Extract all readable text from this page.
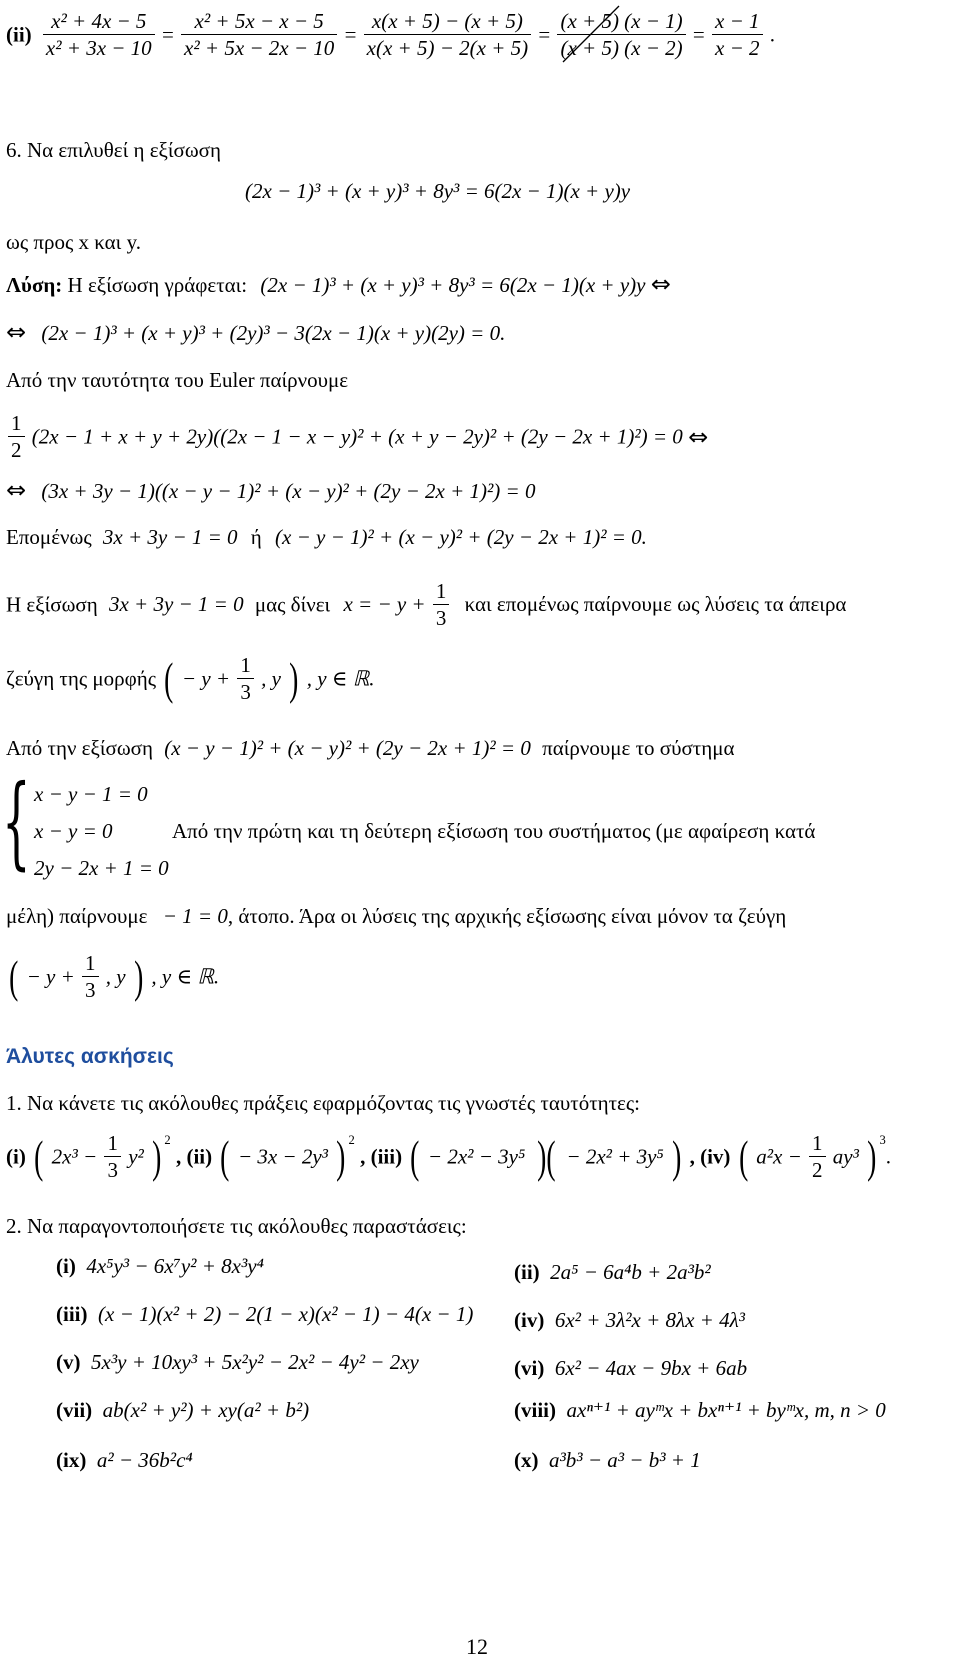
$(ii) \frac{\text{x² + 4x − 5}}{\text{x² + 3x − 10}} = \frac{\text{x² + 5x − x − 5}}{\text{x² + 5x − 2x − 10}} = \frac{x(x + 5) - (x + 5)}{x(x + 5) - 2(x + 5)} = \frac{(x + 5) (x - 1)}{(x + 5) (x - 2)} = \frac{x - 1}{x - 2}$ .
6. Να επιλυθεί η εξίσωση
(2x − 1)³ + (x + y)³ + 8y³ = 6(2x − 1)(x + y)y
ως προς x και y.
Λύση: Η εξίσωση γράφεται: (2x − 1)³ + (x + y)³ + 8y³ = 6(2x − 1)(x + y)y ⇔
⇔ (2x − 1)³ + (x + y)³ + (2y)³ − 3(2x − 1)(x + y)(2y) = 0.
Από την ταυτότητα του Euler παίρνουμε
$\frac{1}{2} (2x - 1 + x + y + 2y)((2x - 1 - x - y)^2 + (x + y - 2y)^2 + (2y - 2x + 1)^2) = 0$ ⇔
⇔ (3x + 3y − 1)((x − y − 1)² + (x − y)² + (2y − 2x + 1)²) = 0
Επομένως 3x + 3y − 1 = 0 ή (x − y − 1)² + (x − y)² + (2y − 2x + 1)² = 0.
Η εξίσωση 3x + 3y − 1 = 0 μας δίνει x = − $y + \frac{1}{3}$ και επομένως παίρνουμε ως λύσεις τα άπειρα
ζεύγη της μορφής ( − $y + \frac{1}{3}$ , y ) , y ∈ ℝ.
Από την εξίσωση (x − y − 1)² + (x − y)² + (2y − 2x + 1)² = 0 παίρνουμε το σύστημα
{ x − y − 1 = 0
x − y = 0
2y − 2x + 1 = 0
Από την πρώτη και τη δεύτερη εξίσωση του συστήματος (με αφαίρεση κατά
μέλη) παίρνουμε − 1 = 0, άτοπο. Άρα οι λύσεις της αρχικής εξίσωσης είναι μόνον τα ζεύγη
( − $y + \frac{1}{3}$ , y ) , y ∈ ℝ.
Άλυτες ασκήσεις
1. Να κάνετε τις ακόλουθες πράξεις εφαρμόζοντας τις γνωστές ταυτότητες:
(i) ( $2x^3 - \frac{1}{3} y^2$ ) $^2$ , (ii) ( − 3x − 2y³ ) $^2$ , (iii) ( − 2x² − 3y⁵ )( − 2x² + 3y⁵ ) , (iv) ( $a^2x - \frac{1}{2} ay^3$ ) $^3$.
2. Να παραγοντοποιήσετε τις ακόλουθες παραστάσεις:
(i) 4x⁵y³ − 6x⁷y² + 8x³y⁴	(ii) 2a⁵ − 6a⁴b + 2a³b²
(iii) (x − 1)(x² + 2) − 2(1 − x)(x² − 1) − 4(x − 1) (iv) 6x² + 3λ²x + 8λx + 4λ³
(v) 5x³y + 10xy³ + 5x²y² − 2x² − 4y² − 2xy	(vi) 6x² − 4ax − 9bx + 6ab
(vii) ab(x² + y²) + xy(a² + b²)	(viii) axⁿ⁺¹ + ayᵐx + bxⁿ⁺¹ + byᵐx, m, n > 0
(ix) a² − 36b²c⁴	(x) a³b³ − a³ − b³ + 1
12
